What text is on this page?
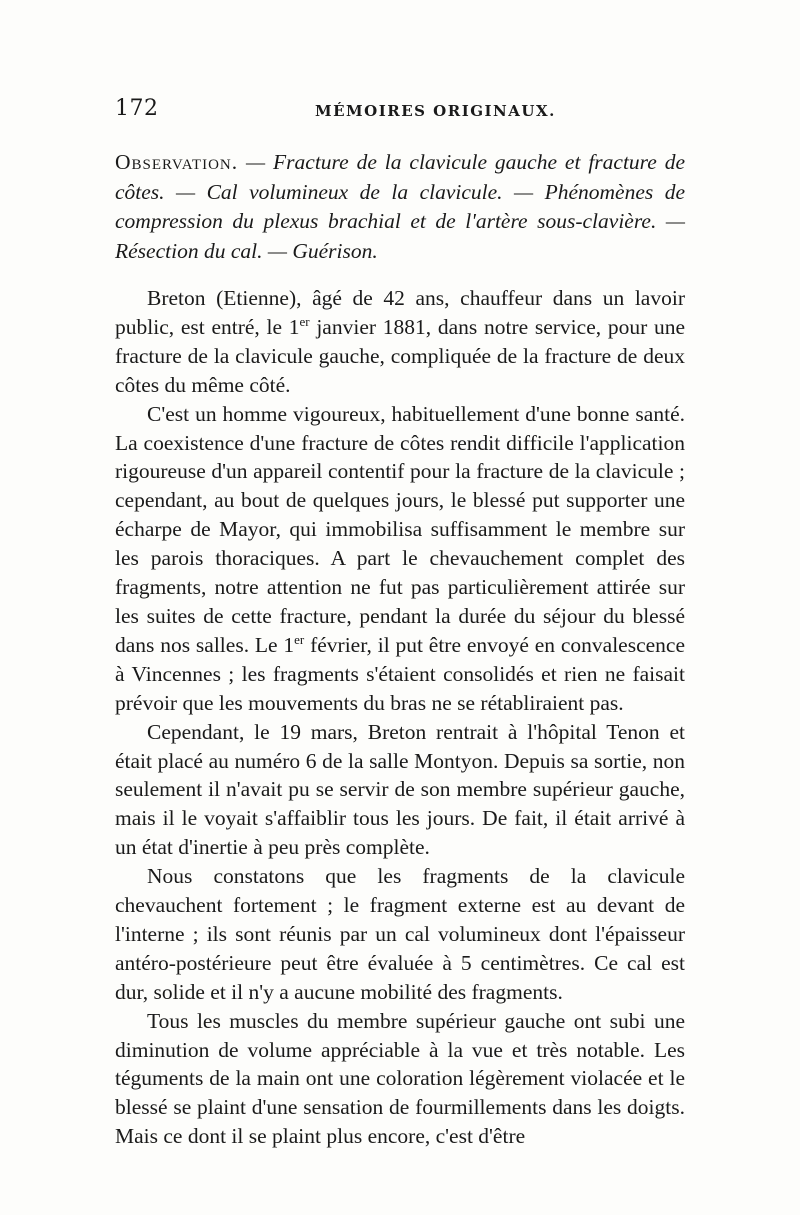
172	MÉMOIRES ORIGINAUX.

Observation. — Fracture de la clavicule gauche et fracture de côtes. — Cal volumineux de la clavicule. — Phénomènes de compression du plexus brachial et de l'artère sous-clavière. — Résection du cal. — Guérison.

Breton (Etienne), âgé de 42 ans, chauffeur dans un lavoir public, est entré, le 1er janvier 1881, dans notre service, pour une fracture de la clavicule gauche, compliquée de la fracture de deux côtes du même côté.

C'est un homme vigoureux, habituellement d'une bonne santé. La coexistence d'une fracture de côtes rendit difficile l'application rigoureuse d'un appareil contentif pour la fracture de la clavicule ; cependant, au bout de quelques jours, le blessé put supporter une écharpe de Mayor, qui immobilisa suffisamment le membre sur les parois thoraciques. A part le chevauchement complet des fragments, notre attention ne fut pas particulièrement attirée sur les suites de cette fracture, pendant la durée du séjour du blessé dans nos salles. Le 1er février, il put être envoyé en convalescence à Vincennes ; les fragments s'étaient consolidés et rien ne faisait prévoir que les mouvements du bras ne se rétabliraient pas.

Cependant, le 19 mars, Breton rentrait à l'hôpital Tenon et était placé au numéro 6 de la salle Montyon. Depuis sa sortie, non seulement il n'avait pu se servir de son membre supérieur gauche, mais il le voyait s'affaiblir tous les jours. De fait, il était arrivé à un état d'inertie à peu près complète.

Nous constatons que les fragments de la clavicule chevauchent fortement ; le fragment externe est au devant de l'interne ; ils sont réunis par un cal volumineux dont l'épaisseur antéro-postérieure peut être évaluée à 5 centimètres. Ce cal est dur, solide et il n'y a aucune mobilité des fragments.

Tous les muscles du membre supérieur gauche ont subi une diminution de volume appréciable à la vue et très notable. Les téguments de la main ont une coloration légèrement violacée et le blessé se plaint d'une sensation de fourmillements dans les doigts. Mais ce dont il se plaint plus encore, c'est d'être
